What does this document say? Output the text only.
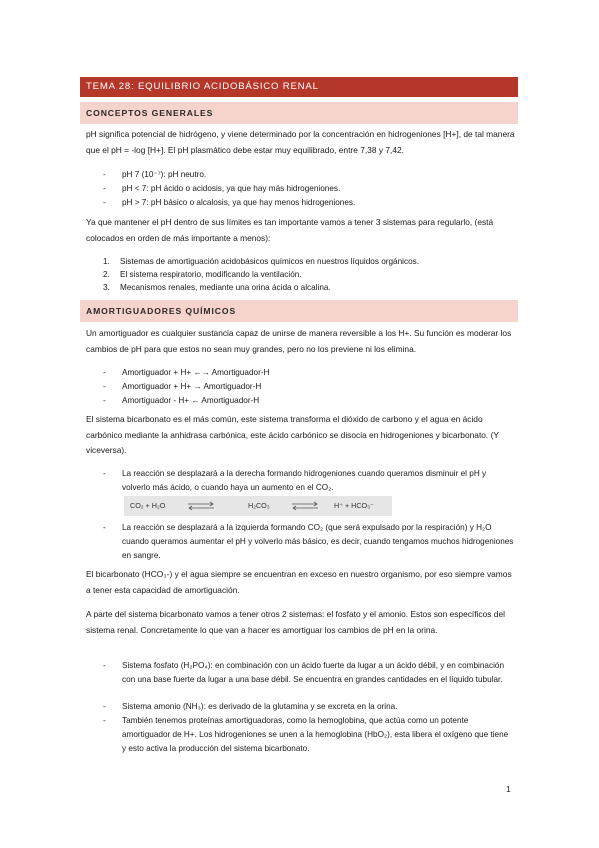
TEMA 28: EQUILIBRIO ACIDOBÁSICO RENAL
CONCEPTOS GENERALES
pH significa potencial de hidrógeno, y viene determinado por la concentración en hidrogeniones [H+], de tal manera que el pH = -log [H+]. El pH plasmático debe estar muy equilibrado, entre 7,38 y 7,42.
- pH 7 (10⁻⁷): pH neutro.
- pH < 7: pH ácido o acidosis, ya que hay más hidrogeniones.
- pH > 7: pH básico o alcalosis, ya que hay menos hidrogeniones.
Ya que mantener el pH dentro de sus límites es tan importante vamos a tener 3 sistemas para regularlo, (está colocados en orden de más importante a menos):
1. Sistemas de amortiguación acidobásicos químicos en nuestros líquidos orgánicos.
2. El sistema respiratorio, modificando la ventilación.
3. Mecanismos renales, mediante una orina ácida o alcalina.
AMORTIGUADORES QUÍMICOS
Un amortiguador es cualquier sustancia capaz de unirse de manera reversible a los H+. Su función es moderar los cambios de pH para que estos no sean muy grandes, pero no los previene ni los elimina.
- Amortiguador + H+ ←→ Amortiguador-H
- Amortiguador + H+ → Amortiguador-H
- Amortiguador - H+ ← Amortiguador-H
El sistema bicarbonato es el más común, este sistema transforma el dióxido de carbono y el agua en ácido carbónico mediante la anhidrasa carbónica, este ácido carbónico se disocia en hidrogeniones y bicarbonato. (Y viceversa).
- La reacción se desplazará a la derecha formando hidrogeniones cuando queramos disminuir el pH y volverlo más ácido, o cuando haya un aumento en el CO₂.
CO₂ + H₂O	H₂CO₃	H⁺ + HCO₃⁻
- La reacción se desplazará a la izquierda formando CO₂ (que será expulsado por la respiración) y H₂O cuando queramos aumentar el pH y volverlo más básico, es decir, cuando tengamos muchos hidrogeniones en sangre.
El bicarbonato (HCO₃-) y el agua siempre se encuentran en exceso en nuestro organismo, por eso siempre vamos a tener esta capacidad de amortiguación.
A parte del sistema bicarbonato vamos a tener otros 2 sistemas: el fosfato y el amonio. Estos son específicos del sistema renal. Concretamente lo que van a hacer es amortiguar los cambios de pH en la orina.
- Sistema fosfato (H₂PO₄): en combinación con un ácido fuerte da lugar a un ácido débil, y en combinación con una base fuerte da lugar a una base débil. Se encuentra en grandes cantidades en el líquido tubular.
- Sistema amonio (NH₃): es derivado de la glutamina y se excreta en la orina.
- También tenemos proteínas amortiguadoras, como la hemoglobina, que actúa como un potente amortiguador de H+. Los hidrogeniones se unen a la hemoglobina (HbO₂), esta libera el oxígeno que tiene y esto activa la producción del sistema bicarbonato.
1
